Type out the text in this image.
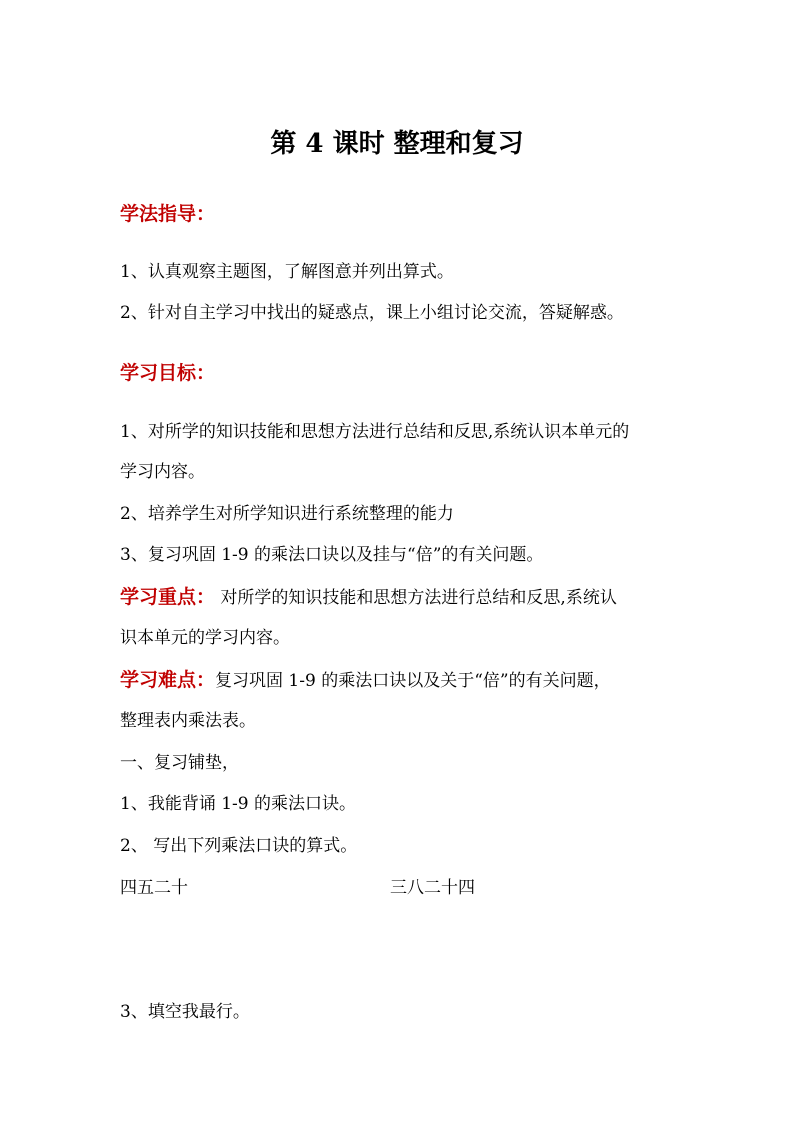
第 4 课时 整理和复习
学法指导：
1、认真观察主题图，了解图意并列出算式。
2、针对自主学习中找出的疑惑点，课上小组讨论交流，答疑解惑。
学习目标：
1、对所学的知识技能和思想方法进行总结和反思,系统认识本单元的
学习内容。
2、培养学生对所学知识进行系统整理的能力
3、复习巩固 1-9 的乘法口诀以及挂与“倍”的有关问题。
学习重点： 对所学的知识技能和思想方法进行总结和反思,系统认
识本单元的学习内容。
学习难点：复习巩固 1-9 的乘法口诀以及关于“倍”的有关问题，
整理表内乘法表。
一、复习铺垫，
1、我能背诵 1-9 的乘法口诀。
2、 写出下列乘法口诀的算式。
四五二十	三八二十四
3、填空我最行。
